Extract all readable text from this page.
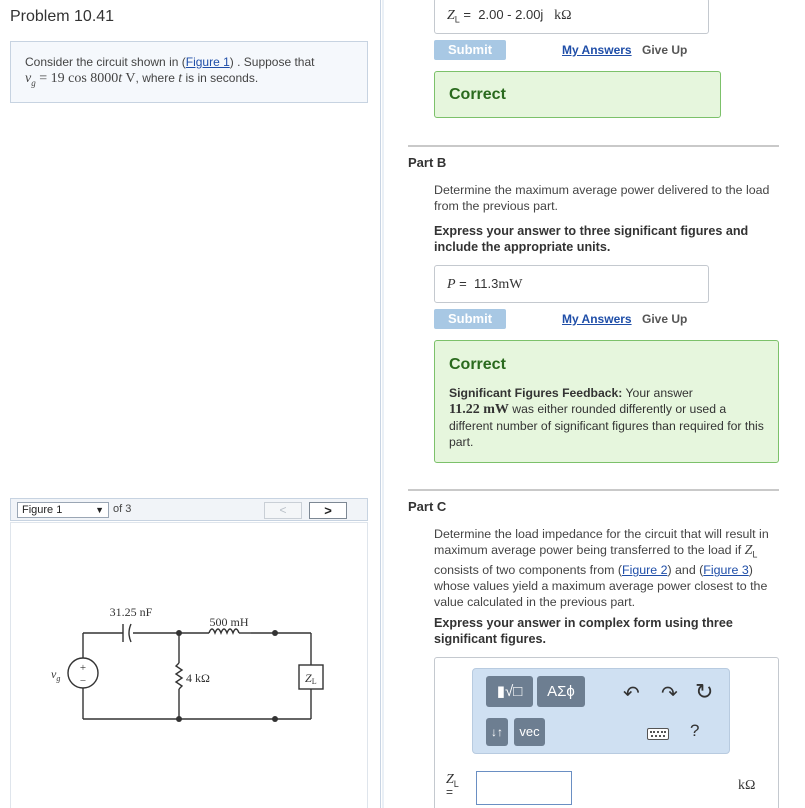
Problem 10.41
Consider the circuit shown in (Figure 1) . Suppose that
$v_g = 19$ cos 8000t V, where t is in seconds.
Figure 1	▼ of 3	<	>
+
−
$v_g$
31.25 nF
500 mH
4 kΩ	ZL
$Z_L = 2.00 - 2.00j$ kΩ
Submit	My Answers Give Up
Correct
Part B
Determine the maximum average power delivered to the load from the previous part.
Express your answer to three significant figures and include the appropriate units.
P = 11.3mW
Submit	My Answers Give Up
Correct
Significant Figures Feedback: Your answer
11.22 mW was either rounded differently or used a different number of significant figures than required for this part.
Part C
Determine the load impedance for the circuit that will result in maximum average power being transferred to the load if $Z_L$ consists of two components from (Figure 2) and (Figure 3) whose values yield a maximum average power closest to the value calculated in the previous part.
Express your answer in complex form using three significant figures.
▮√□	ΑΣϕ
↓↑	vec
↶ ↷ ↻
?
$Z_L$
=	kΩ
